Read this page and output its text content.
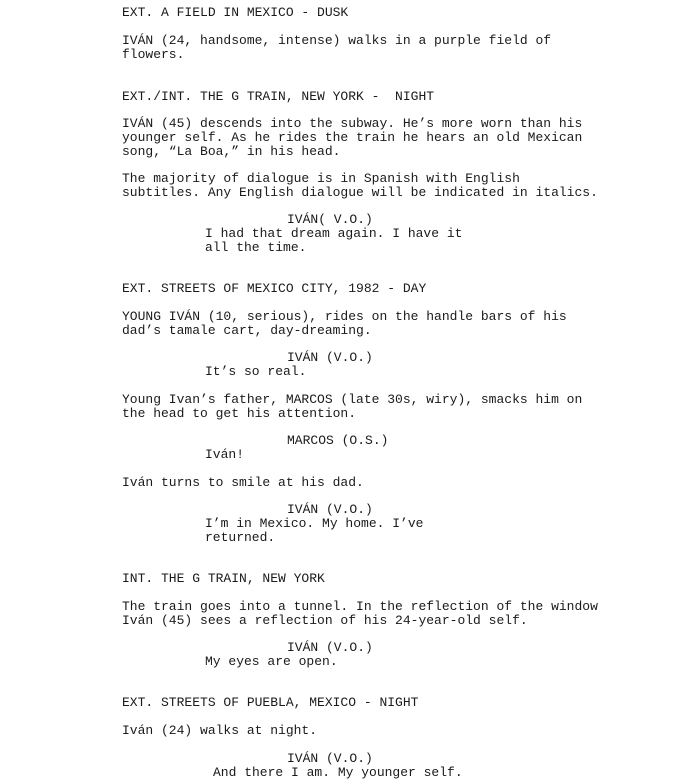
EXT. A FIELD IN MEXICO - DUSK
IVÁN (24, handsome, intense) walks in a purple field of
flowers.
EXT./INT. THE G TRAIN, NEW YORK -  NIGHT
IVÁN (45) descends into the subway. He’s more worn than his
younger self. As he rides the train he hears an old Mexican
song, “La Boa,” in his head.
The majority of dialogue is in Spanish with English
subtitles. Any English dialogue will be indicated in italics.
IVÁN( V.O.)
I had that dream again. I have it
all the time.
EXT. STREETS OF MEXICO CITY, 1982 - DAY
YOUNG IVÁN (10, serious), rides on the handle bars of his
dad’s tamale cart, day-dreaming.
IVÁN (V.O.)
It’s so real.
Young Ivan’s father, MARCOS (late 30s, wiry), smacks him on
the head to get his attention.
MARCOS (O.S.)
Iván!
Iván turns to smile at his dad.
IVÁN (V.O.)
I’m in Mexico. My home. I’ve
returned.
INT. THE G TRAIN, NEW YORK
The train goes into a tunnel. In the reflection of the window
Iván (45) sees a reflection of his 24-year-old self.
IVÁN (V.O.)
My eyes are open.
EXT. STREETS OF PUEBLA, MEXICO - NIGHT
Iván (24) walks at night.
IVÁN (V.O.)
And there I am. My younger self.
